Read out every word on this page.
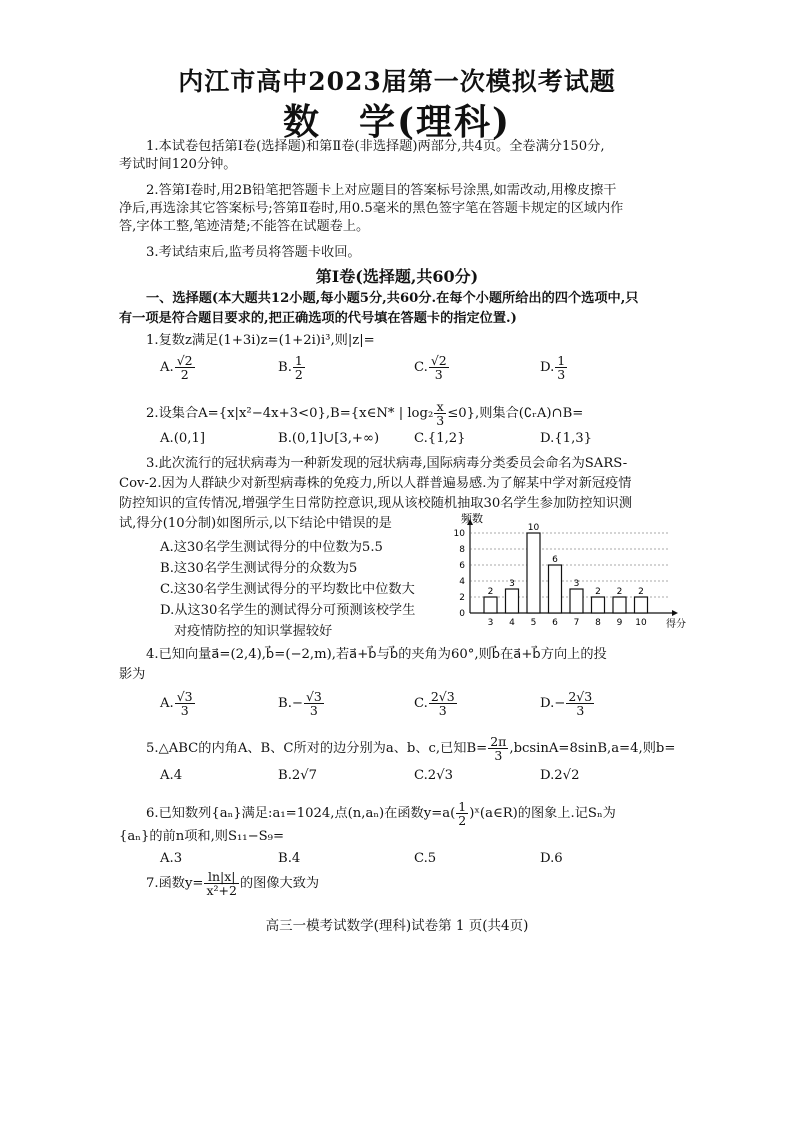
内江市高中2023届第一次模拟考试题
数　学(理科)
1.本试卷包括第Ⅰ卷(选择题)和第Ⅱ卷(非选择题)两部分,共4页。全卷满分150分,
考试时间120分钟。
2.答第Ⅰ卷时,用2B铅笔把答题卡上对应题目的答案标号涂黑,如需改动,用橡皮擦干
净后,再选涂其它答案标号;答第Ⅱ卷时,用0.5毫米的黑色签字笔在答题卡规定的区域内作
答,字体工整,笔迹清楚;不能答在试题卷上。
3.考试结束后,监考员将答题卡收回。
第Ⅰ卷(选择题,共60分)
一、选择题(本大题共12小题,每小题5分,共60分.在每个小题所给出的四个选项中,只
有一项是符合题目要求的,把正确选项的代号填在答题卡的指定位置.)
1.复数z满足(1+3i)z=(1+2i)i³,则|z|=
A. $\frac{√2}{2}$	B. $\frac{1}{2}$	C. $\frac{√2}{3}$	D. $\frac{1}{3}$
2.设集合A={x|x²−4x+3<0},B={x∈N* | $\log_2 \frac{x}{3} \le 0$},则集合(∁ᵣA)∩B=
A.(0,1]	B.(0,1]∪[3,+∞)	C.{1,2}	D.{1,3}
3.此次流行的冠状病毒为一种新发现的冠状病毒,国际病毒分类委员会命名为SARS-
Cov-2.因为人群缺少对新型病毒株的免疫力,所以人群普遍易感.为了解某中学对新冠疫情
防控知识的宣传情况,增强学生日常防控意识,现从该校随机抽取30名学生参加防控知识测
试,得分(10分制)如图所示,以下结论中错误的是
A.这30名学生测试得分的中位数为5.5
B.这30名学生测试得分的众数为5
C.这30名学生测试得分的平均数比中位数大
D.从这30名学生的测试得分可预测该校学生
对疫情防控的知识掌握较好
0
2
4
6
8
10
频数
得分
2
3
3
4
10
5
6
6
3
7
2
8
2
9
2
10
4.已知向量a⃗=(2,4),b⃗=(−2,m),若a⃗+b⃗与b⃗的夹角为60°,则b⃗在a⃗+b⃗方向上的投
影为
A. $\frac{√3}{3}$	$B.- \frac{√3}{3}$	C. $\frac{2√3}{3}$	$D.- \frac{2√3}{3}$
5.△ABC的内角A、B、C所对的边分别为a、b、c,已知$B= \frac{2\pi}{3} ,bcsinA=8\sin B,a=4$,则b=
A.4	B.2√7	C.2√3	D.2√2
6.已知数列{aₙ}满足:a₁=1024,点(n,aₙ)在函数$y=a( \frac{1}{2}$ )ˣ(a∈R)的图象上.记Sₙ为
{aₙ}的前n项和,则S₁₁−S₉=
A.3	B.4	C.5	D.6
7.函数$y= \frac{\ln|x|}{\text{x²+2}}$ 的图像大致为
高三一模考试数学(理科)试卷第 1 页(共4页)
